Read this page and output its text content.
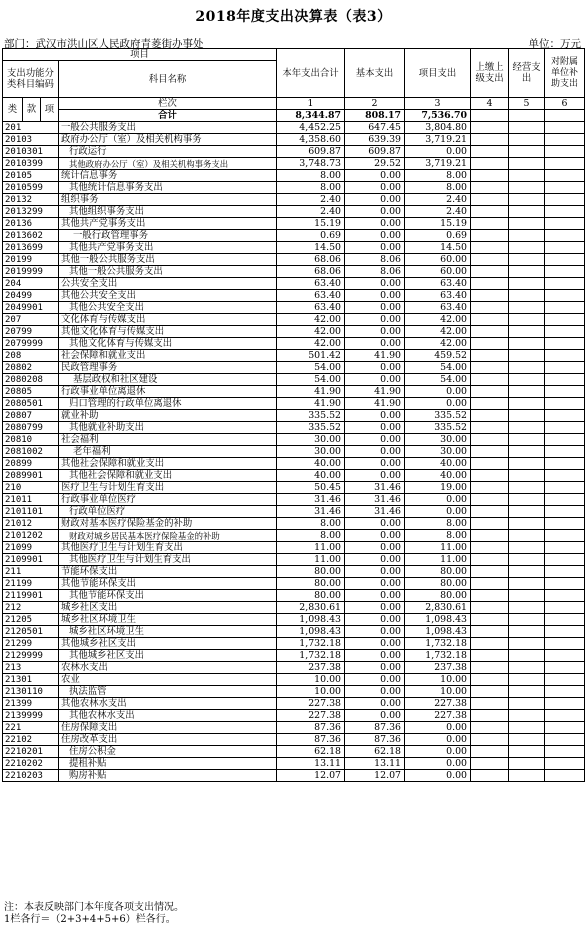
2018年度支出决算表（表3）
部门：武汉市洪山区人民政府青菱街办事处	单位：万元
项目				本年支出合计	基本支出	项目支出	上缴上级支出	经营支出	对附属单位补助支出
支出功能分类科目编码			科目名称						

类	款	项	栏次	1	2	3	4	5	6
			合计	8,344.87	808.17	7,536.70			
201			一般公共服务支出	4,452.25	647.45	3,804.80			
20103			政府办公厅（室）及相关机构事务	4,358.60	639.39	3,719.21			
2010301			行政运行	609.87	609.87	0.00			
2010399			其他政府办公厅（室）及相关机构事务支出	3,748.73	29.52	3,719.21			
20105			统计信息事务	8.00	0.00	8.00			
2010599			其他统计信息事务支出	8.00	0.00	8.00			
20132			组织事务	2.40	0.00	2.40			
2013299			其他组织事务支出	2.40	0.00	2.40			
20136			其他共产党事务支出	15.19	0.00	15.19			
2013602			一般行政管理事务	0.69	0.00	0.69			
2013699			其他共产党事务支出	14.50	0.00	14.50			
20199			其他一般公共服务支出	68.06	8.06	60.00			
2019999			其他一般公共服务支出	68.06	8.06	60.00			
204			公共安全支出	63.40	0.00	63.40			
20499			其他公共安全支出	63.40	0.00	63.40			
2049901			其他公共安全支出	63.40	0.00	63.40			
207			文化体育与传媒支出	42.00	0.00	42.00			
20799			其他文化体育与传媒支出	42.00	0.00	42.00			
2079999			其他文化体育与传媒支出	42.00	0.00	42.00			
208			社会保障和就业支出	501.42	41.90	459.52			
20802			民政管理事务	54.00	0.00	54.00			
2080208			基层政权和社区建设	54.00	0.00	54.00			
20805			行政事业单位离退休	41.90	41.90	0.00			
2080501			归口管理的行政单位离退休	41.90	41.90	0.00			
20807			就业补助	335.52	0.00	335.52			
2080799			其他就业补助支出	335.52	0.00	335.52			
20810			社会福利	30.00	0.00	30.00			
2081002			老年福利	30.00	0.00	30.00			
20899			其他社会保障和就业支出	40.00	0.00	40.00			
2089901			其他社会保障和就业支出	40.00	0.00	40.00			
210			医疗卫生与计划生育支出	50.45	31.46	19.00			
21011			行政事业单位医疗	31.46	31.46	0.00			
2101101			行政单位医疗	31.46	31.46	0.00			
21012			财政对基本医疗保险基金的补助	8.00	0.00	8.00			
2101202			财政对城乡居民基本医疗保险基金的补助	8.00	0.00	8.00			
21099			其他医疗卫生与计划生育支出	11.00	0.00	11.00			
2109901			其他医疗卫生与计划生育支出	11.00	0.00	11.00			
211			节能环保支出	80.00	0.00	80.00			
21199			其他节能环保支出	80.00	0.00	80.00			
2119901			其他节能环保支出	80.00	0.00	80.00			
212			城乡社区支出	2,830.61	0.00	2,830.61			
21205			城乡社区环境卫生	1,098.43	0.00	1,098.43			
2120501			城乡社区环境卫生	1,098.43	0.00	1,098.43			
21299			其他城乡社区支出	1,732.18	0.00	1,732.18			
2129999			其他城乡社区支出	1,732.18	0.00	1,732.18			
213			农林水支出	237.38	0.00	237.38			
21301			农业	10.00	0.00	10.00			
2130110			执法监管	10.00	0.00	10.00			
21399			其他农林水支出	227.38	0.00	227.38			
2139999			其他农林水支出	227.38	0.00	227.38			
221			住房保障支出	87.36	87.36	0.00			
22102			住房改革支出	87.36	87.36	0.00			
2210201			住房公积金	62.18	62.18	0.00			
2210202			提租补贴	13.11	13.11	0.00			
2210203			购房补贴	12.07	12.07	0.00			
注：本表反映部门本年度各项支出情况。
1栏各行＝（2+3+4+5+6）栏各行。
